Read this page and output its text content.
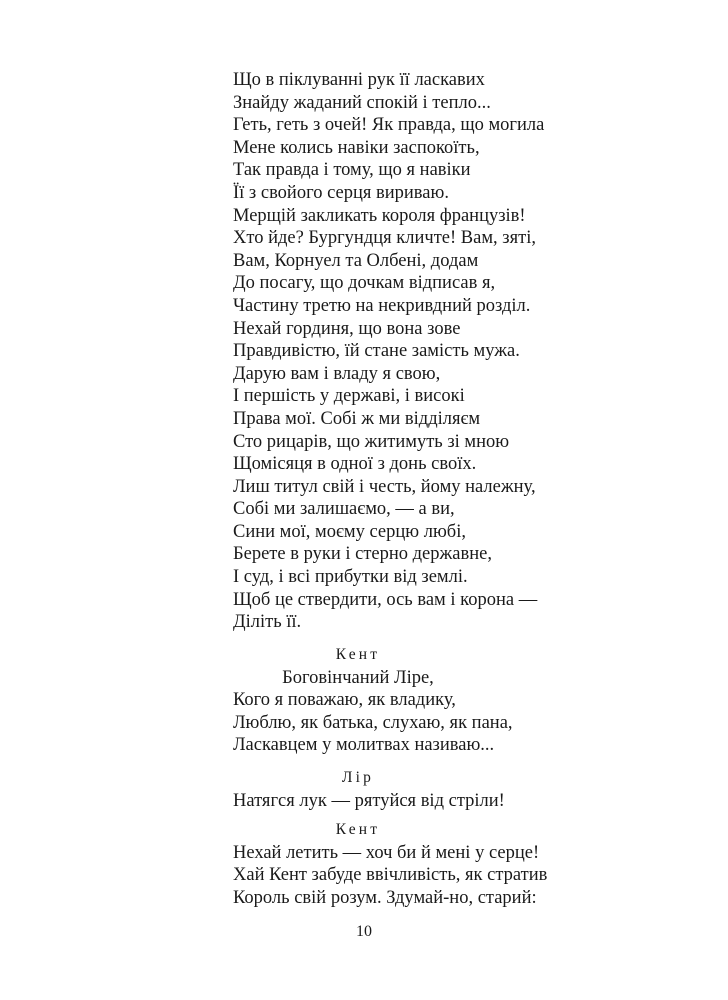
Що в піклуванні рук її ласкавих
Знайду жаданий спокій і тепло...
Геть, геть з очей! Як правда, що могила
Мене колись навіки заспокоїть,
Так правда і тому, що я навіки
Її з свойого серця вириваю.
Мерщій закликать короля французів!
Хто йде? Бургундця кличте! Вам, зяті,
Вам, Корнуел та Олбені, додам
До посагу, що дочкам відписав я,
Частину третю на некривдний розділ.
Нехай гординя, що вона зове
Правдивістю, їй стане замість мужа.
Дарую вам і владу я свою,
І першість у державі, і високі
Права мої. Собі ж ми відділяєм
Сто рицарів, що житимуть зі мною
Щомісяця в одної з донь своїх.
Лиш титул свій і честь, йому належну,
Собі ми залишаємо, — а ви,
Сини мої, моєму серцю любі,
Берете в руки і стерно державне,
І суд, і всі прибутки від землі.
Щоб це ствердити, ось вам і корона —
Діліть її.
Кент
Боговінчаний Ліре,
Кого я поважаю, як владику,
Люблю, як батька, слухаю, як пана,
Ласкавцем у молитвах називаю...
Лір
Натягся лук — рятуйся від стріли!
Кент
Нехай летить — хоч би й мені у серце!
Хай Кент забуде ввічливість, як стратив
Король свій розум. Здумай-но, старий:
10
